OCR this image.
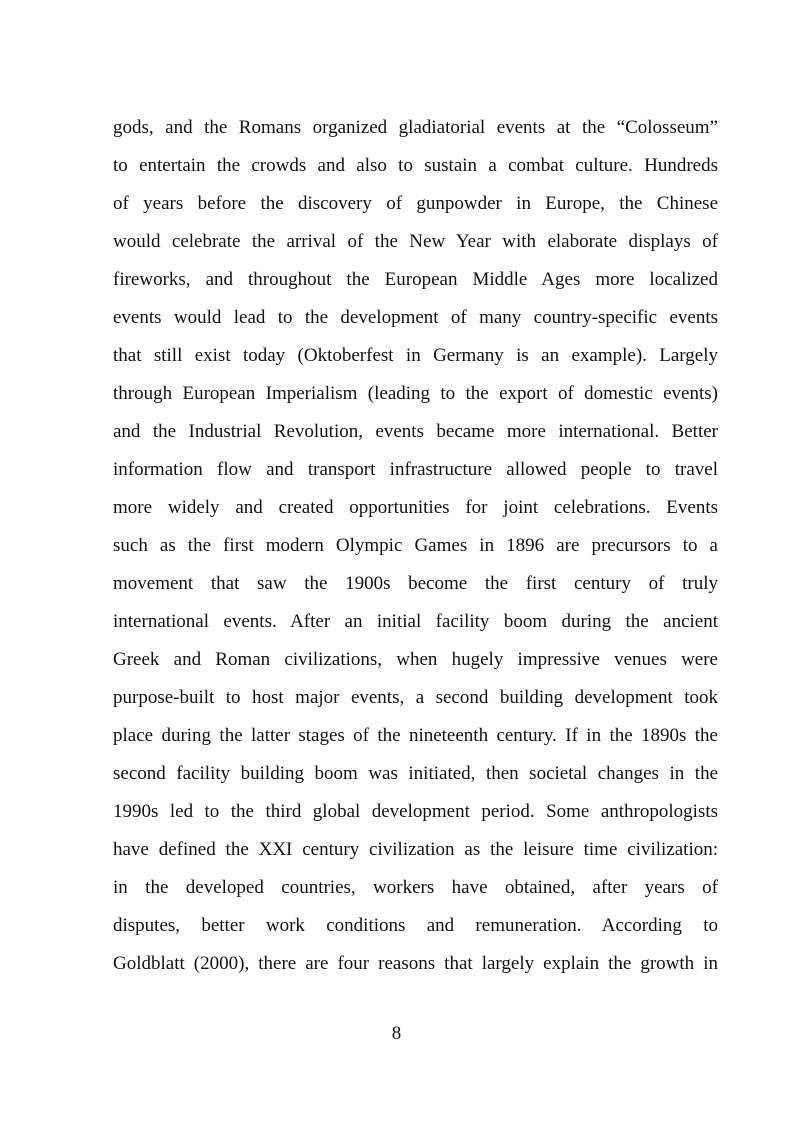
gods, and the Romans organized gladiatorial events at the “Colosseum”
to entertain the crowds and also to sustain a combat culture. Hundreds
of years before the discovery of gunpowder in Europe, the Chinese
would celebrate the arrival of the New Year with elaborate displays of
fireworks, and throughout the European Middle Ages more localized
events would lead to the development of many country-specific events
that still exist today (Oktoberfest in Germany is an example). Largely
through European Imperialism (leading to the export of domestic events)
and the Industrial Revolution, events became more international. Better
information flow and transport infrastructure allowed people to travel
more widely and created opportunities for joint celebrations. Events
such as the first modern Olympic Games in 1896 are precursors to a
movement that saw the 1900s become the first century of truly
international events. After an initial facility boom during the ancient
Greek and Roman civilizations, when hugely impressive venues were
purpose-built to host major events, a second building development took
place during the latter stages of the nineteenth century. If in the 1890s the
second facility building boom was initiated, then societal changes in the
1990s led to the third global development period. Some anthropologists
have defined the XXI century civilization as the leisure time civilization:
in the developed countries, workers have obtained, after years of
disputes, better work conditions and remuneration. According to
Goldblatt (2000), there are four reasons that largely explain the growth in
8
